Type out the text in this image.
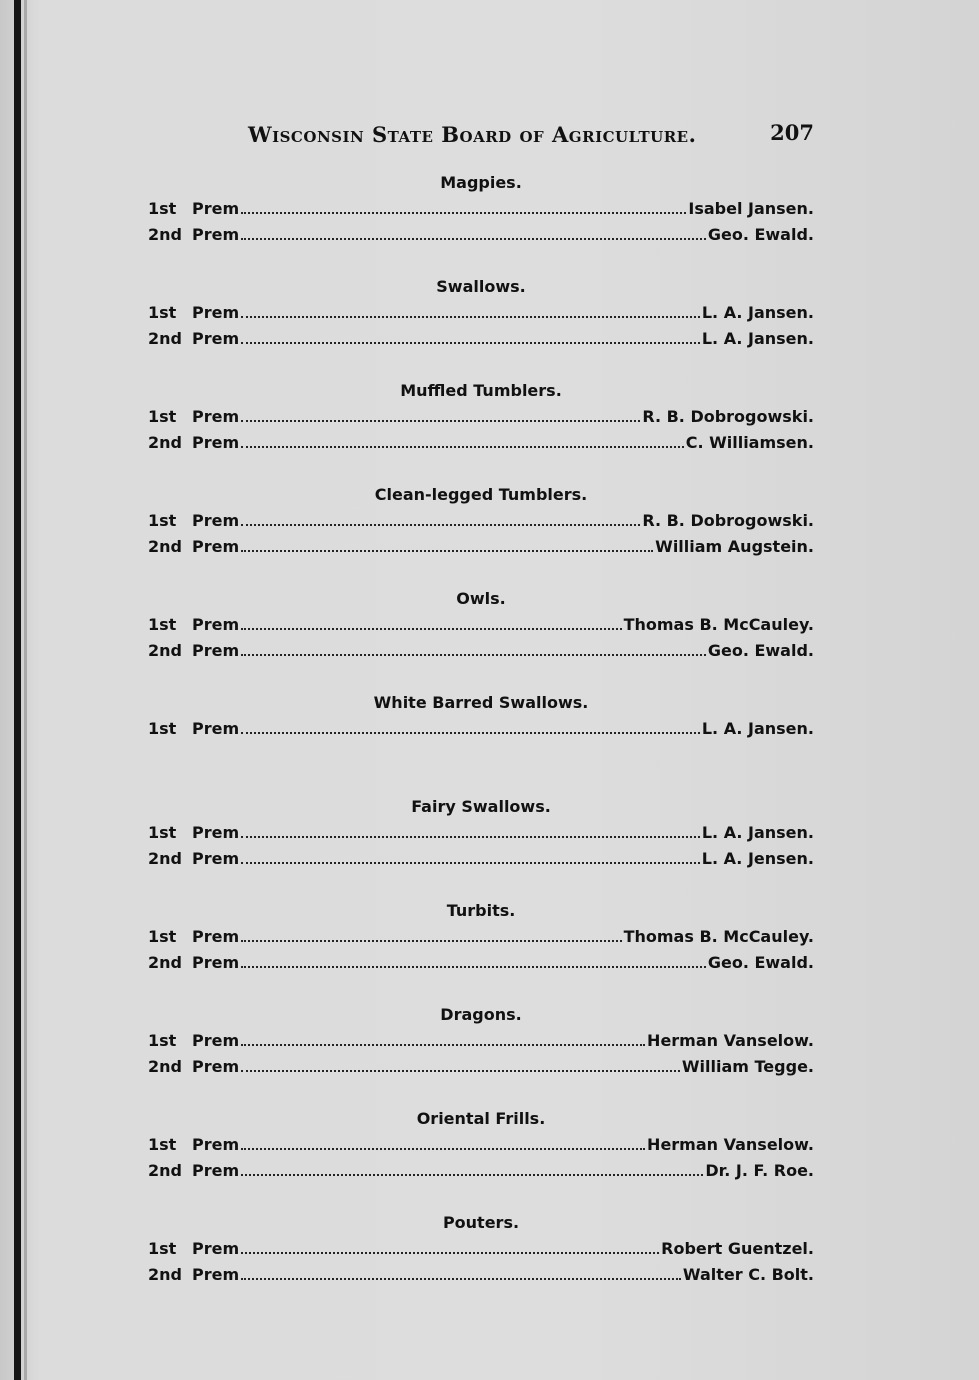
Wisconsin State Board of Agriculture.	207
Magpies.
1st Prem	Isabel Jansen.
2nd Prem	Geo. Ewald.
Swallows.
1st Prem	L. A. Jansen.
2nd Prem	L. A. Jansen.
Muffled Tumblers.
1st Prem	R. B. Dobrogowski.
2nd Prem	C. Williamsen.
Clean-legged Tumblers.
1st Prem	R. B. Dobrogowski.
2nd Prem	William Augstein.
Owls.
1st Prem	Thomas B. McCauley.
2nd Prem	Geo. Ewald.
White Barred Swallows.
1st Prem	L. A. Jansen.
Fairy Swallows.
1st Prem	L. A. Jansen.
2nd Prem	L. A. Jensen.
Turbits.
1st Prem	Thomas B. McCauley.
2nd Prem	Geo. Ewald.
Dragons.
1st Prem	Herman Vanselow.
2nd Prem	William Tegge.
Oriental Frills.
1st Prem	Herman Vanselow.
2nd Prem	Dr. J. F. Roe.
Pouters.
1st Prem	Robert Guentzel.
2nd Prem	Walter C. Bolt.
